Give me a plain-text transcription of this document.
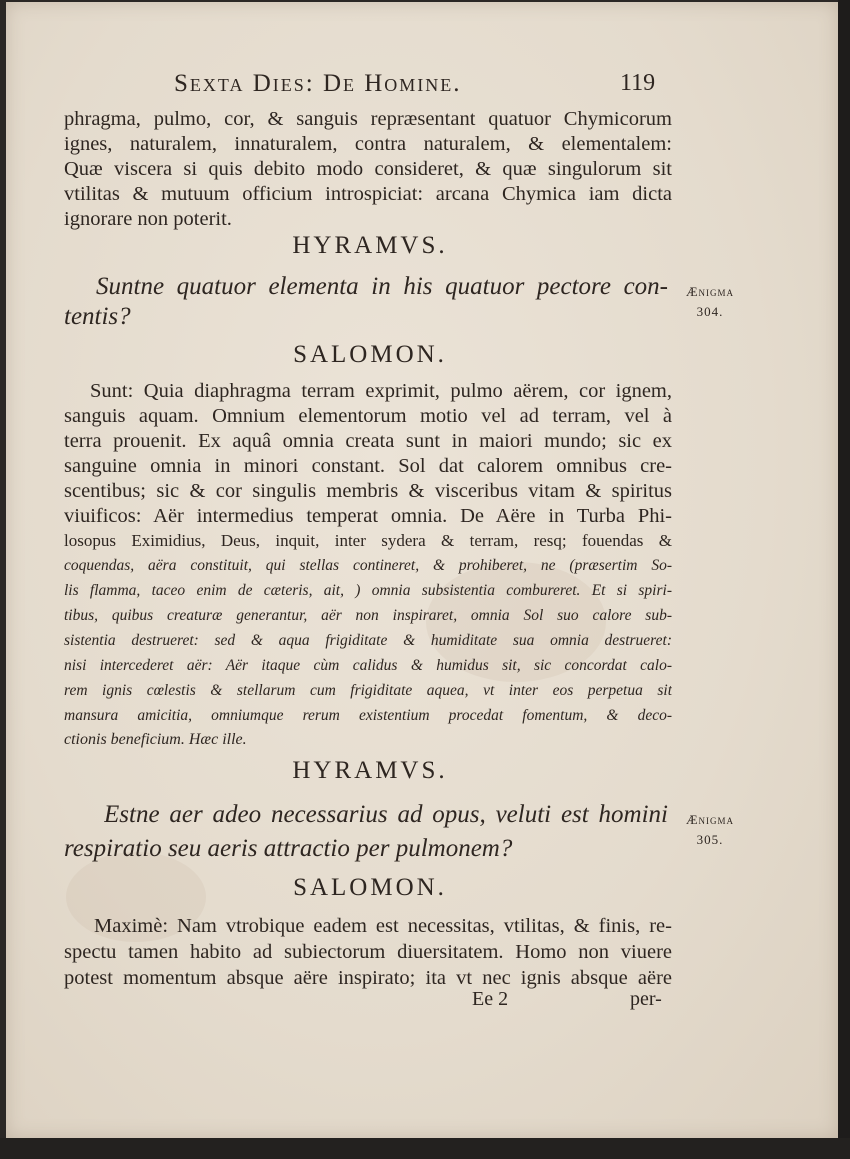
Sexta Dies: De Homine.	119
phragma, pulmo, cor, & sanguis repræsentant quatuor Chymicorum
ignes, naturalem, innaturalem, contra naturalem, & elementalem:
Quæ viscera si quis debito modo consideret, & quæ singulorum sit
vtilitas & mutuum officium introspiciat: arcana Chymica iam dicta
ignorare non poterit.
HYRAMVS.
Suntne quatuor elementa in his quatuor pectore con-
tentis?
Ænigma
304.
SALOMON.
Sunt: Quia diaphragma terram exprimit, pulmo aërem, cor ignem,
sanguis aquam. Omnium elementorum motio vel ad terram, vel à
terra prouenit. Ex aquâ omnia creata sunt in maiori mundo; sic ex
sanguine omnia in minori constant. Sol dat calorem omnibus cre-
scentibus; sic & cor singulis membris & visceribus vitam & spiritus
viuificos: Aër intermedius temperat omnia. De Aëre in Turba Phi-
losopus Eximidius, Deus, inquit, inter sydera & terram, resq; fouendas &
coquendas, aëra constituit, qui stellas contineret, & prohiberet, ne (præsertim So-
lis flamma, taceo enim de cæteris, ait, ) omnia subsistentia combureret. Et si spiri-
tibus, quibus creaturæ generantur, aër non inspiraret, omnia Sol suo calore sub-
sistentia destrueret: sed & aqua frigiditate & humiditate sua omnia destrueret:
nisi intercederet aër: Aër itaque cùm calidus & humidus sit, sic concordat calo-
rem ignis cœlestis & stellarum cum frigiditate aquea, vt inter eos perpetua sit
mansura amicitia, omniumque rerum existentium procedat fomentum, & deco-
ctionis beneficium. Hæc ille.
HYRAMVS.
Estne aer adeo necessarius ad opus, veluti est homini
respiratio seu aeris attractio per pulmonem?
Ænigma
305.
SALOMON.
Maximè: Nam vtrobique eadem est necessitas, vtilitas, & finis, re-
spectu tamen habito ad subiectorum diuersitatem. Homo non viuere
potest momentum absque aëre inspirato; ita vt nec ignis absque aëre
Ee 2	per-
